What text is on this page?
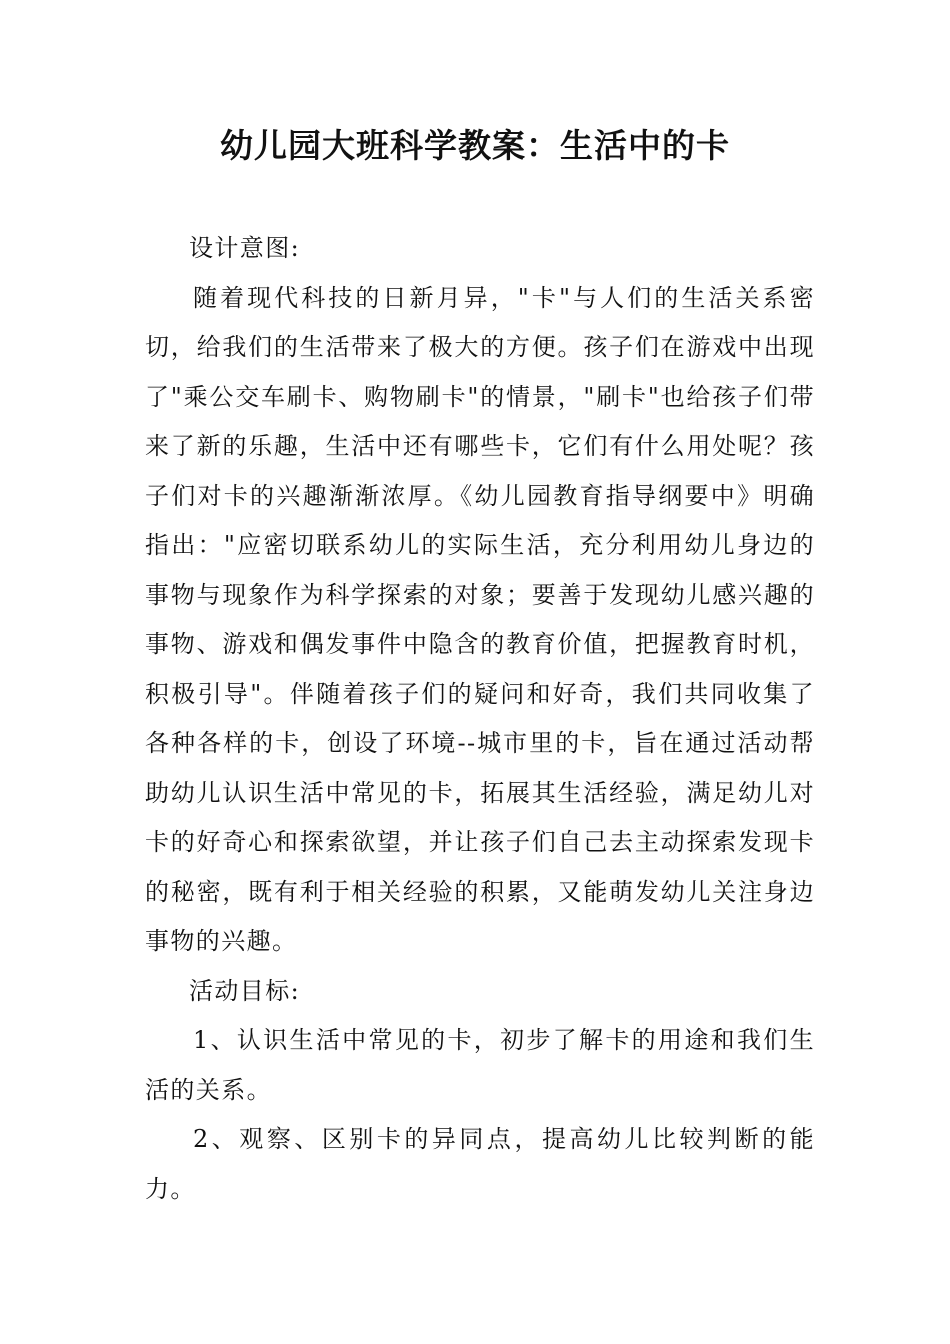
幼儿园大班科学教案：生活中的卡

设计意图:

随着现代科技的日新月异，"卡"与人们的生活关系密切，给我们的生活带来了极大的方便。孩子们在游戏中出现了"乘公交车刷卡、购物刷卡"的情景，"刷卡"也给孩子们带来了新的乐趣，生活中还有哪些卡，它们有什么用处呢？孩子们对卡的兴趣渐渐浓厚。《幼儿园教育指导纲要中》明确指出："应密切联系幼儿的实际生活，充分利用幼儿身边的事物与现象作为科学探索的对象；要善于发现幼儿感兴趣的事物、游戏和偶发事件中隐含的教育价值，把握教育时机，积极引导"。伴随着孩子们的疑问和好奇，我们共同收集了各种各样的卡，创设了环境--城市里的卡，旨在通过活动帮助幼儿认识生活中常见的卡，拓展其生活经验，满足幼儿对卡的好奇心和探索欲望，并让孩子们自己去主动探索发现卡的秘密，既有利于相关经验的积累，又能萌发幼儿关注身边事物的兴趣。

活动目标:

1、认识生活中常见的卡，初步了解卡的用途和我们生活的关系。

2、观察、区别卡的异同点，提高幼儿比较判断的能力。
